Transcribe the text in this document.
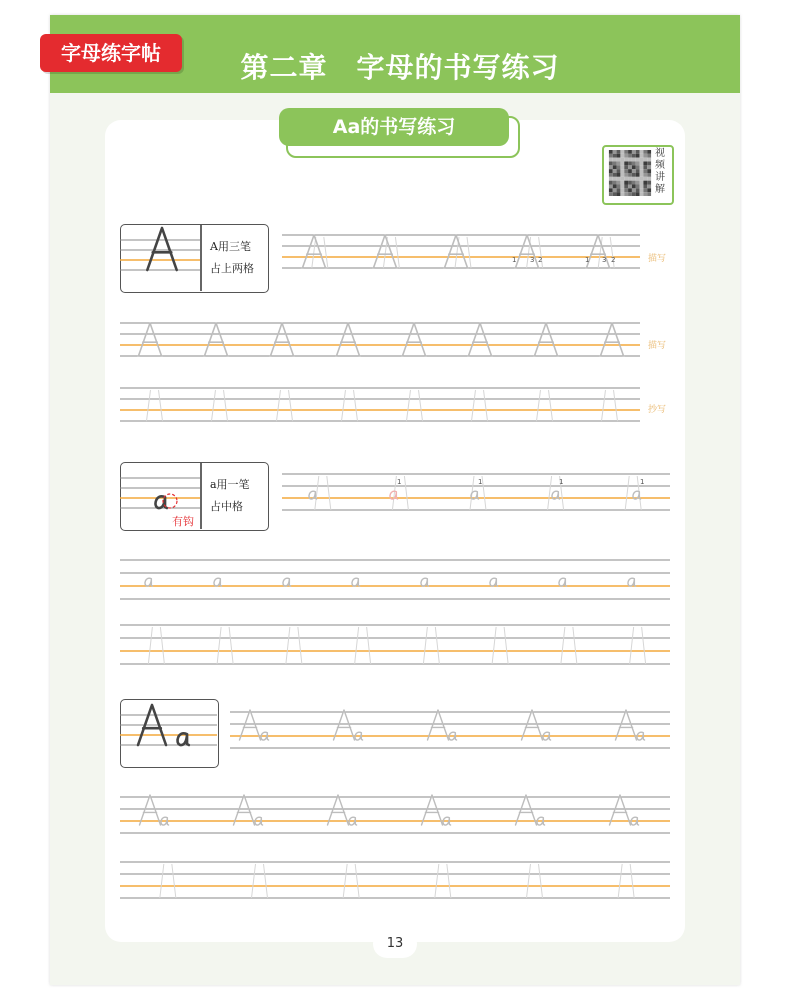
第二章　字母的书写练习
字母练字帖
Aa的书写练习
视频讲解
A用三笔
占上两格
a用一笔
占中格
有钩
描写
描写
抄写
1 3 2	1 3 2
1	1	1	1
13
